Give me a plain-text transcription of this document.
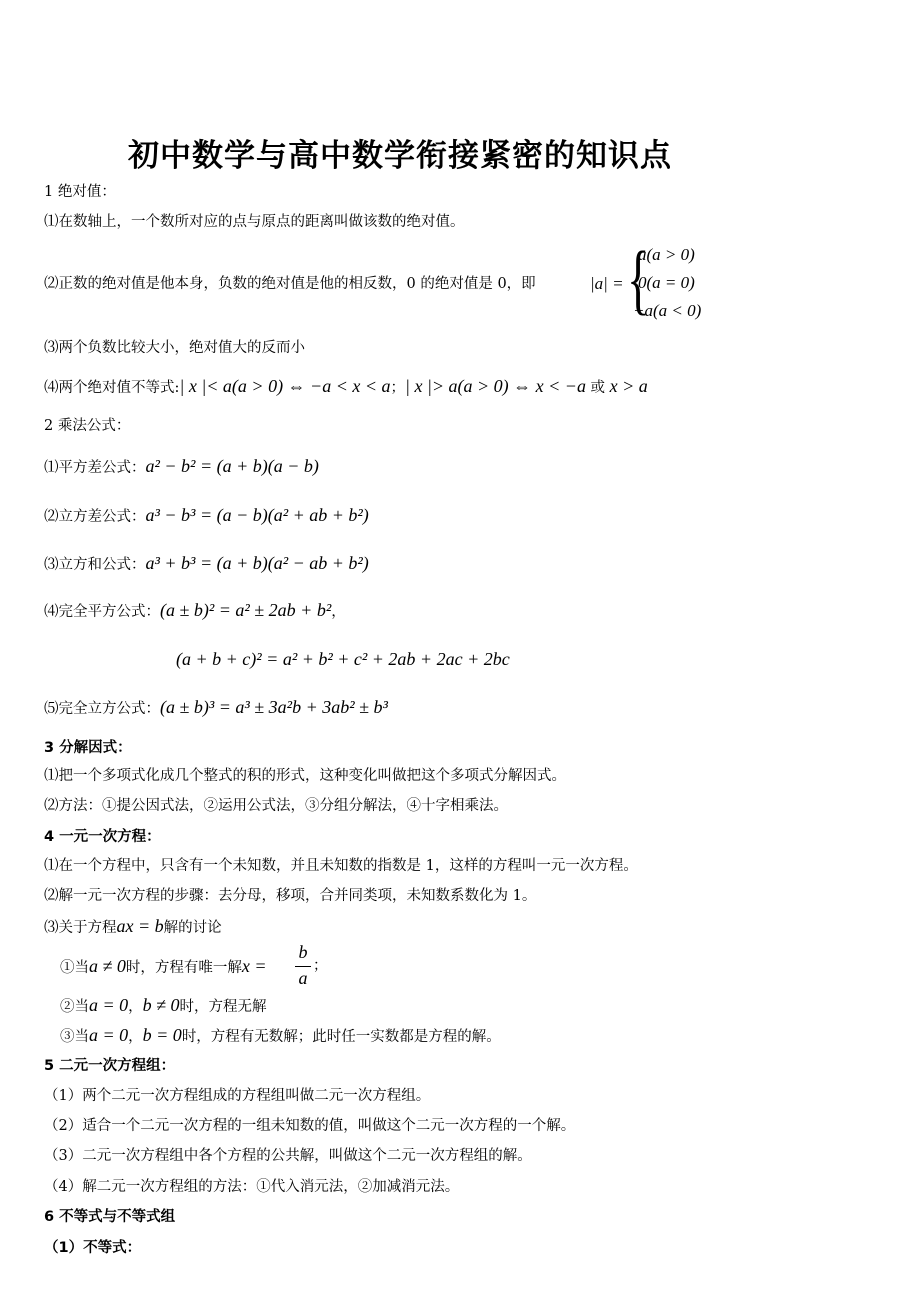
初中数学与高中数学衔接紧密的知识点
1 绝对值：
⑴在数轴上，一个数所对应的点与原点的距离叫做该数的绝对值。
⑵正数的绝对值是他本身，负数的绝对值是他的相反数，0 的绝对值是 0，即	|a| = {
a(a > 0)
0(a = 0)
−a(a < 0)
⑶两个负数比较大小，绝对值大的反而小
⑷两个绝对值不等式:| x |< a(a > 0) ⇔ −a < x < a；| x |> a(a > 0) ⇔ x < −a 或 x > a
2 乘法公式：
⑴平方差公式：a² − b² = (a + b)(a − b)
⑵立方差公式：a³ − b³ = (a − b)(a² + ab + b²)
⑶立方和公式：a³ + b³ = (a + b)(a² − ab + b²)
⑷完全平方公式：(a ± b)² = a² ± 2ab + b²，
(a + b + c)² = a² + b² + c² + 2ab + 2ac + 2bc
⑸完全立方公式：(a ± b)³ = a³ ± 3a²b + 3ab² ± b³
3 分解因式：
⑴把一个多项式化成几个整式的积的形式，这种变化叫做把这个多项式分解因式。
⑵方法：①提公因式法，②运用公式法，③分组分解法，④十字相乘法。
4 一元一次方程：
⑴在一个方程中，只含有一个未知数，并且未知数的指数是 1，这样的方程叫一元一次方程。
⑵解一元一次方程的步骤：去分母，移项，合并同类项，未知数系数化为 1。
⑶关于方程ax = b解的讨论
①当a ≠ 0时，方程有唯一解x =
b
a
；
②当a = 0，b ≠ 0时，方程无解
③当a = 0，b = 0时，方程有无数解；此时任一实数都是方程的解。
5 二元一次方程组：
（1）两个二元一次方程组成的方程组叫做二元一次方程组。
（2）适合一个二元一次方程的一组未知数的值，叫做这个二元一次方程的一个解。
（3）二元一次方程组中各个方程的公共解，叫做这个二元一次方程组的解。
（4）解二元一次方程组的方法：①代入消元法，②加减消元法。
6 不等式与不等式组
（1）不等式：
